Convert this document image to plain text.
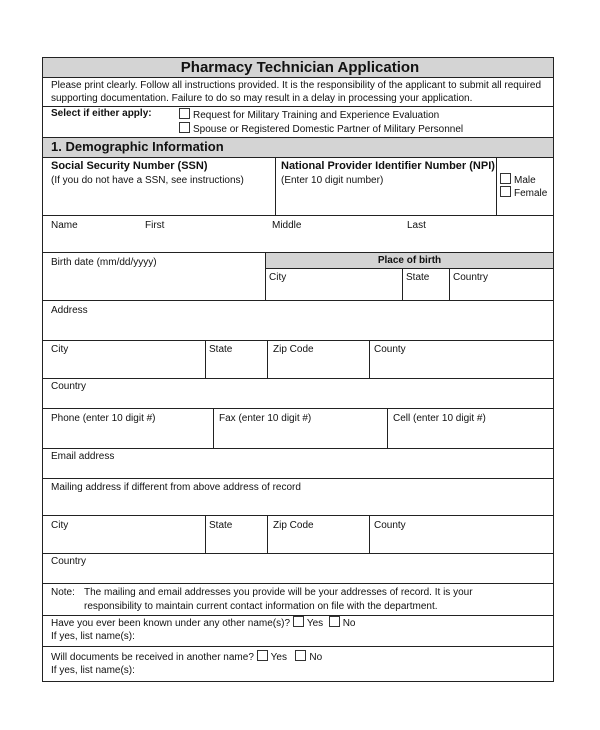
Pharmacy Technician Application
Please print clearly. Follow all instructions provided. It is the responsibility of the applicant to submit all required
supporting documentation. Failure to do so may result in a delay in processing your application.
Select if either apply:	Request for Military Training and Experience Evaluation
Spouse or Registered Domestic Partner of Military Personnel
1. Demographic Information
Social Security Number (SSN)
(If you do not have a SSN, see instructions)
National Provider Identifier Number (NPI)
(Enter 10 digit number)	Male
Female
Name	First	Middle	Last
Birth date (mm/dd/yyyy)	Place of birth
City	State Country
Address
City	State	Zip Code	County
Country
Phone (enter 10 digit #)	Fax (enter 10 digit #)	Cell (enter 10 digit #)
Email address
Mailing address if different from above address of record
City	State	Zip Code	County
Country
Note: The mailing and email addresses you provide will be your addresses of record. It is your
responsibility to maintain current contact information on file with the department.
Have you ever been known under any other name(s)? Yes No
If yes, list name(s):
Will documents be received in another name? Yes No
If yes, list name(s):
